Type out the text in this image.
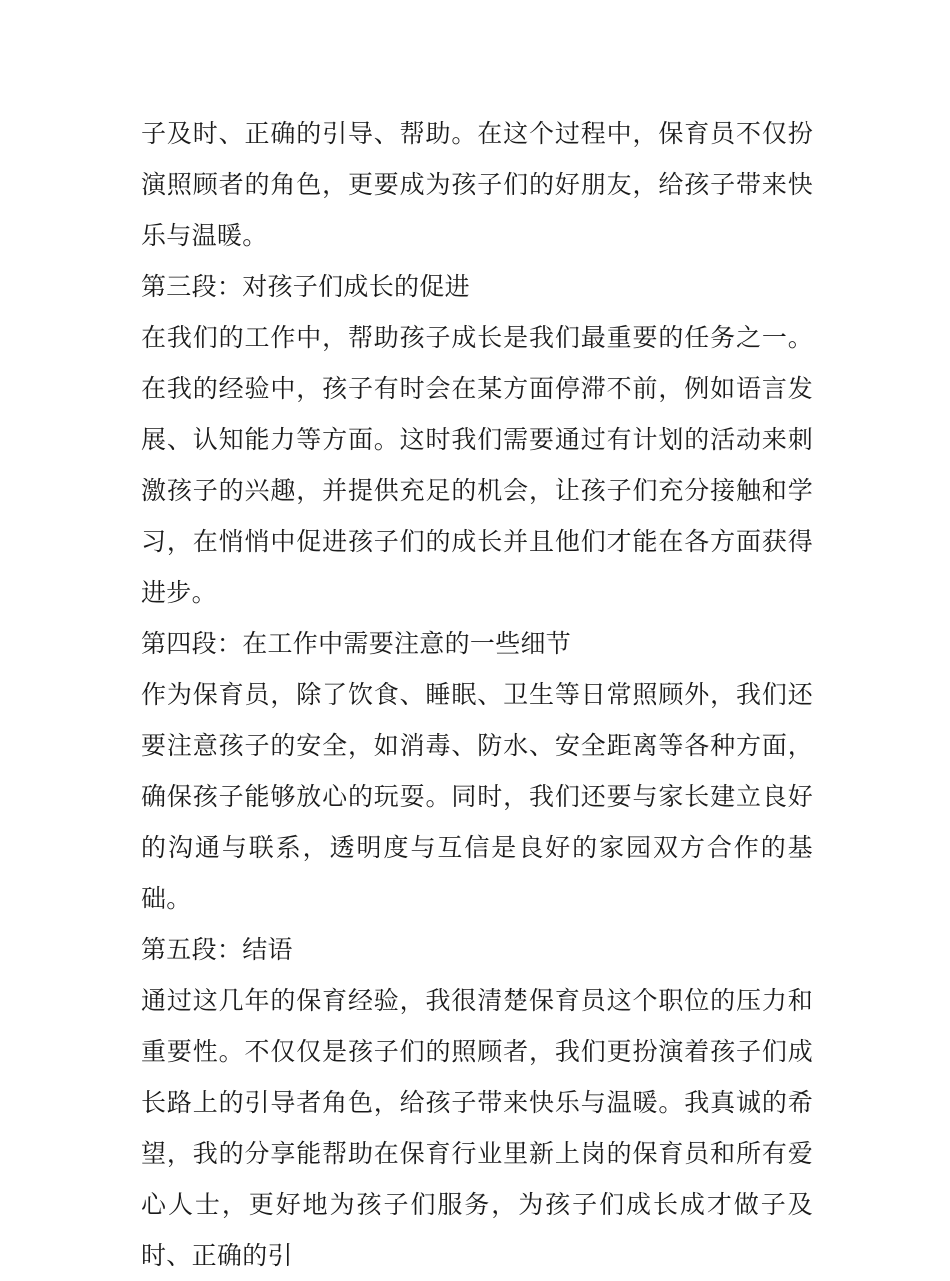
子及时、正确的引导、帮助。在这个过程中，保育员不仅扮演照顾者的角色，更要成为孩子们的好朋友，给孩子带来快乐与温暖。

第三段：对孩子们成长的促进

在我们的工作中，帮助孩子成长是我们最重要的任务之一。在我的经验中，孩子有时会在某方面停滞不前，例如语言发展、认知能力等方面。这时我们需要通过有计划的活动来刺激孩子的兴趣，并提供充足的机会，让孩子们充分接触和学习，在悄悄中促进孩子们的成长并且他们才能在各方面获得进步。

第四段：在工作中需要注意的一些细节

作为保育员，除了饮食、睡眠、卫生等日常照顾外，我们还要注意孩子的安全，如消毒、防水、安全距离等各种方面，确保孩子能够放心的玩耍。同时，我们还要与家长建立良好的沟通与联系，透明度与互信是良好的家园双方合作的基础。

第五段：结语

通过这几年的保育经验，我很清楚保育员这个职位的压力和重要性。不仅仅是孩子们的照顾者，我们更扮演着孩子们成长路上的引导者角色，给孩子带来快乐与温暖。我真诚的希望，我的分享能帮助在保育行业里新上岗的保育员和所有爱心人士，更好地为孩子们服务，为孩子们成长成才做子及时、正确的引
